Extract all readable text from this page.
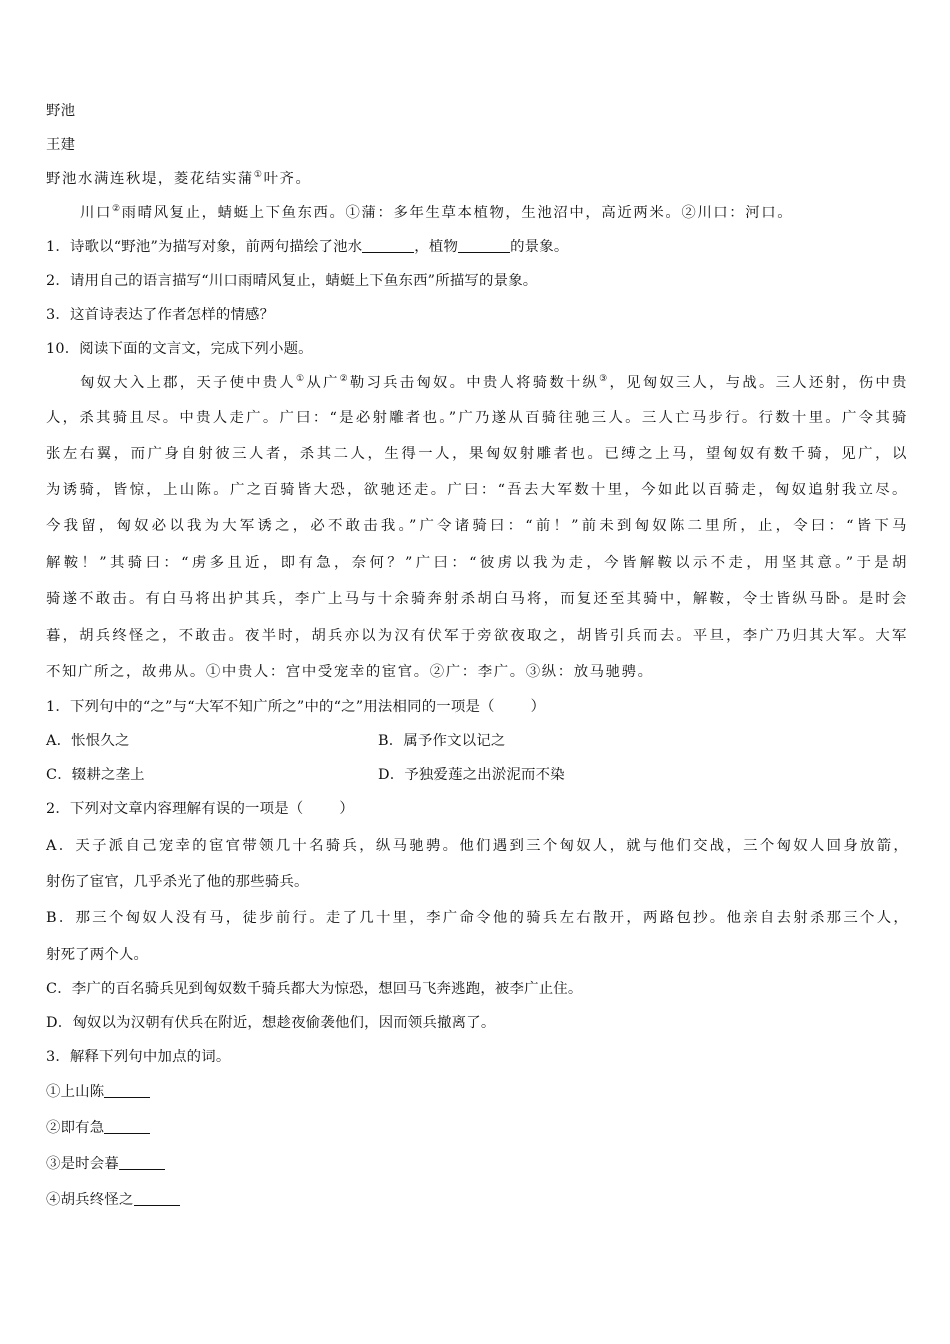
野池
王建
野池水满连秋堤，菱花结实蒲①叶齐。
川口②雨晴风复止，蜻蜓上下鱼东西。①蒲：多年生草本植物，生池沼中，高近两米。②川口：河口。
1．诗歌以“野池”为描写对象，前两句描绘了池水	，植物	的景象。
2．请用自己的语言描写“川口雨晴风复止，蜻蜓上下鱼东西”所描写的景象。
3．这首诗表达了作者怎样的情感？
10．阅读下面的文言文，完成下列小题。
匈奴大入上郡，天子使中贵人①从广②勒习兵击匈奴。中贵人将骑数十纵③，见匈奴三人，与战。三人还射，伤中贵
人，杀其骑且尽。中贵人走广。广曰：“是必射雕者也。”广乃遂从百骑往驰三人。三人亡马步行。行数十里。广令其骑
张左右翼，而广身自射彼三人者，杀其二人，生得一人，果匈奴射雕者也。已缚之上马，望匈奴有数千骑，见广，以
为诱骑，皆惊，上山陈。广之百骑皆大恐，欲驰还走。广曰：“吾去大军数十里，今如此以百骑走，匈奴追射我立尽。
今我留，匈奴必以我为大军诱之，必不敢击我。”广令诸骑曰：“前！”前未到匈奴陈二里所，止，令曰：“皆下马
解鞍！”其骑曰：“虏多且近，即有急，奈何？”广曰：“彼虏以我为走，今皆解鞍以示不走，用坚其意。”于是胡
骑遂不敢击。有白马将出护其兵，李广上马与十余骑奔射杀胡白马将，而复还至其骑中，解鞍，令士皆纵马卧。是时会
暮，胡兵终怪之，不敢击。夜半时，胡兵亦以为汉有伏军于旁欲夜取之，胡皆引兵而去。平旦，李广乃归其大军。大军
不知广所之，故弗从。①中贵人：宫中受宠幸的宦官。②广：李广。③纵：放马驰骋。
1．下列句中的“之”与“大军不知广所之”中的“之”用法相同的一项是（	）
A．怅恨久之	B．属予作文以记之
C．辍耕之垄上	D．予独爱莲之出淤泥而不染
2．下列对文章内容理解有误的一项是（	）
A．天子派自己宠幸的宦官带领几十名骑兵，纵马驰骋。他们遇到三个匈奴人，就与他们交战，三个匈奴人回身放箭，
射伤了宦官，几乎杀光了他的那些骑兵。
B．那三个匈奴人没有马，徒步前行。走了几十里，李广命令他的骑兵左右散开，两路包抄。他亲自去射杀那三个人，
射死了两个人。
C．李广的百名骑兵见到匈奴数千骑兵都大为惊恐，想回马飞奔逃跑，被李广止住。
D．匈奴以为汉朝有伏兵在附近，想趁夜偷袭他们，因而领兵撤离了。
3．解释下列句中加点的词。
①上山陈
②即有急
③是时会暮
④胡兵终怪之
